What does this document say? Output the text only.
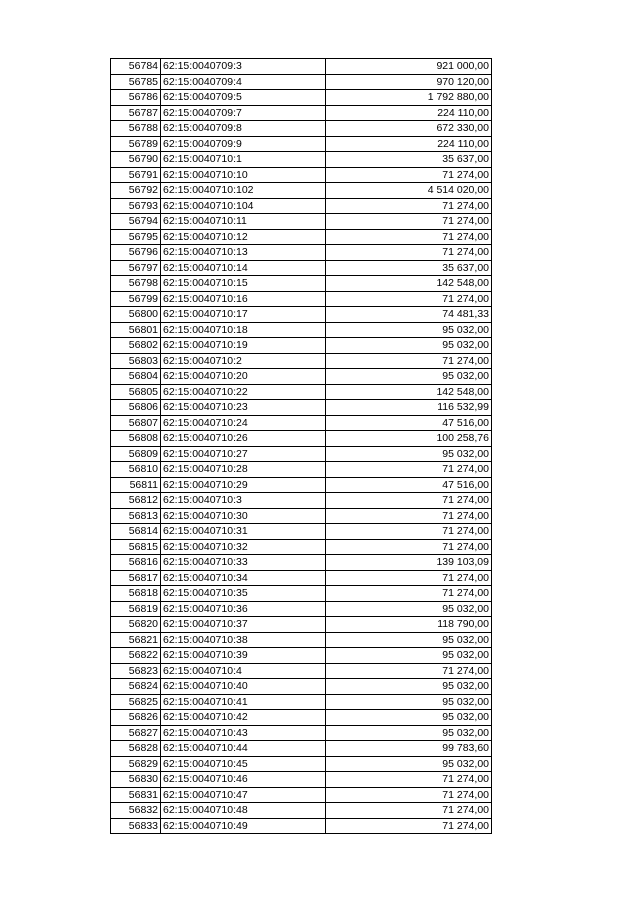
56784	62:15:0040709:3	921 000,00
56785	62:15:0040709:4	970 120,00
56786	62:15:0040709:5	1 792 880,00
56787	62:15:0040709:7	224 110,00
56788	62:15:0040709:8	672 330,00
56789	62:15:0040709:9	224 110,00
56790	62:15:0040710:1	35 637,00
56791	62:15:0040710:10	71 274,00
56792	62:15:0040710:102	4 514 020,00
56793	62:15:0040710:104	71 274,00
56794	62:15:0040710:11	71 274,00
56795	62:15:0040710:12	71 274,00
56796	62:15:0040710:13	71 274,00
56797	62:15:0040710:14	35 637,00
56798	62:15:0040710:15	142 548,00
56799	62:15:0040710:16	71 274,00
56800	62:15:0040710:17	74 481,33
56801	62:15:0040710:18	95 032,00
56802	62:15:0040710:19	95 032,00
56803	62:15:0040710:2	71 274,00
56804	62:15:0040710:20	95 032,00
56805	62:15:0040710:22	142 548,00
56806	62:15:0040710:23	116 532,99
56807	62:15:0040710:24	47 516,00
56808	62:15:0040710:26	100 258,76
56809	62:15:0040710:27	95 032,00
56810	62:15:0040710:28	71 274,00
56811	62:15:0040710:29	47 516,00
56812	62:15:0040710:3	71 274,00
56813	62:15:0040710:30	71 274,00
56814	62:15:0040710:31	71 274,00
56815	62:15:0040710:32	71 274,00
56816	62:15:0040710:33	139 103,09
56817	62:15:0040710:34	71 274,00
56818	62:15:0040710:35	71 274,00
56819	62:15:0040710:36	95 032,00
56820	62:15:0040710:37	118 790,00
56821	62:15:0040710:38	95 032,00
56822	62:15:0040710:39	95 032,00
56823	62:15:0040710:4	71 274,00
56824	62:15:0040710:40	95 032,00
56825	62:15:0040710:41	95 032,00
56826	62:15:0040710:42	95 032,00
56827	62:15:0040710:43	95 032,00
56828	62:15:0040710:44	99 783,60
56829	62:15:0040710:45	95 032,00
56830	62:15:0040710:46	71 274,00
56831	62:15:0040710:47	71 274,00
56832	62:15:0040710:48	71 274,00
56833	62:15:0040710:49	71 274,00
